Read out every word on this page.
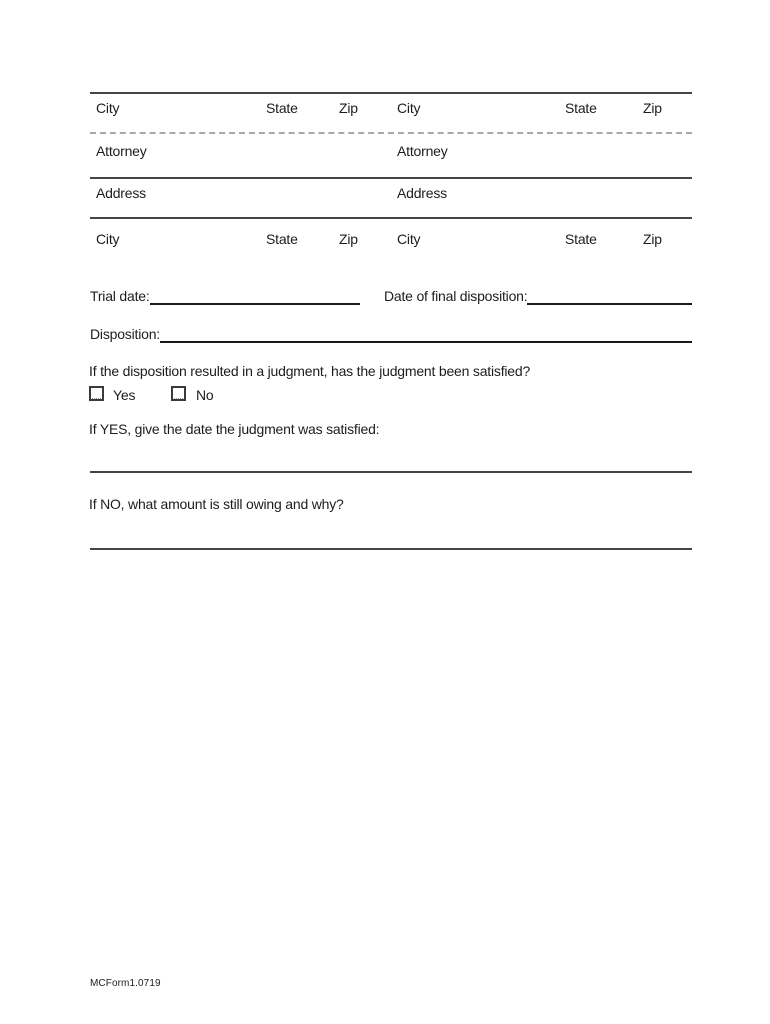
City	State	Zip	City	State	Zip
Attorney	Attorney
Address	Address
City	State	Zip	City	State	Zip
Trial date:	Date of final disposition:
Disposition:
If the disposition resulted in a judgment, has the judgment been satisfied?
Yes	No
If YES, give the date the judgment was satisfied:
If NO, what amount is still owing and why?
MCForm1.0719
